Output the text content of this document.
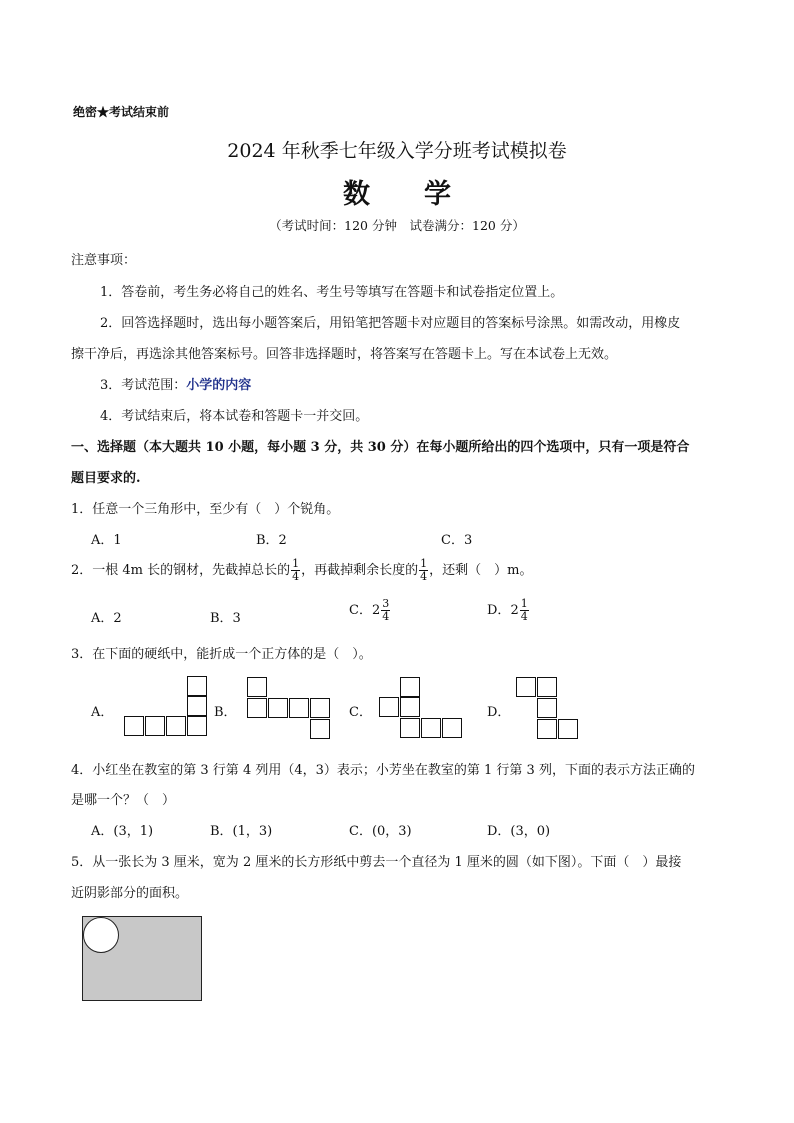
绝密★考试结束前
2024 年秋季七年级入学分班考试模拟卷
数学
（考试时间：120 分钟　试卷满分：120 分）
注意事项：
1．答卷前，考生务必将自己的姓名、考生号等填写在答题卡和试卷指定位置上。
2．回答选择题时，选出每小题答案后，用铅笔把答题卡对应题目的答案标号涂黑。如需改动，用橡皮
擦干净后，再选涂其他答案标号。回答非选择题时，将答案写在答题卡上。写在本试卷上无效。
3．考试范围：小学的内容
4．考试结束后，将本试卷和答题卡一并交回。
一、选择题（本大题共 10 小题，每小题 3 分，共 30 分）在每小题所给出的四个选项中，只有一项是符合
题目要求的.
1．任意一个三角形中，至少有（　）个锐角。
A．1	B．2	C．3
2．一根 4m 长的钢材，先截掉总长的 $\frac{1}{4}$ ，再截掉剩余长度的 $\frac{1}{4}$ ，还剩（　）m。
A．2	B．3
C．$2 \frac{3}{4}$	D．$2 \frac{1}{4}$
3．在下面的硬纸中，能折成一个正方体的是（　）。
A．	B．	C．	D．
4．小红坐在教室的第 3 行第 4 列用（4，3）表示；小芳坐在教室的第 1 行第 3 列，下面的表示方法正确的
是哪一个？（　）
A．(3，1)	B．(1，3)	C．(0，3)	D．(3，0)
5．从一张长为 3 厘米，宽为 2 厘米的长方形纸中剪去一个直径为 1 厘米的圆（如下图）。下面（　）最接
近阴影部分的面积。
